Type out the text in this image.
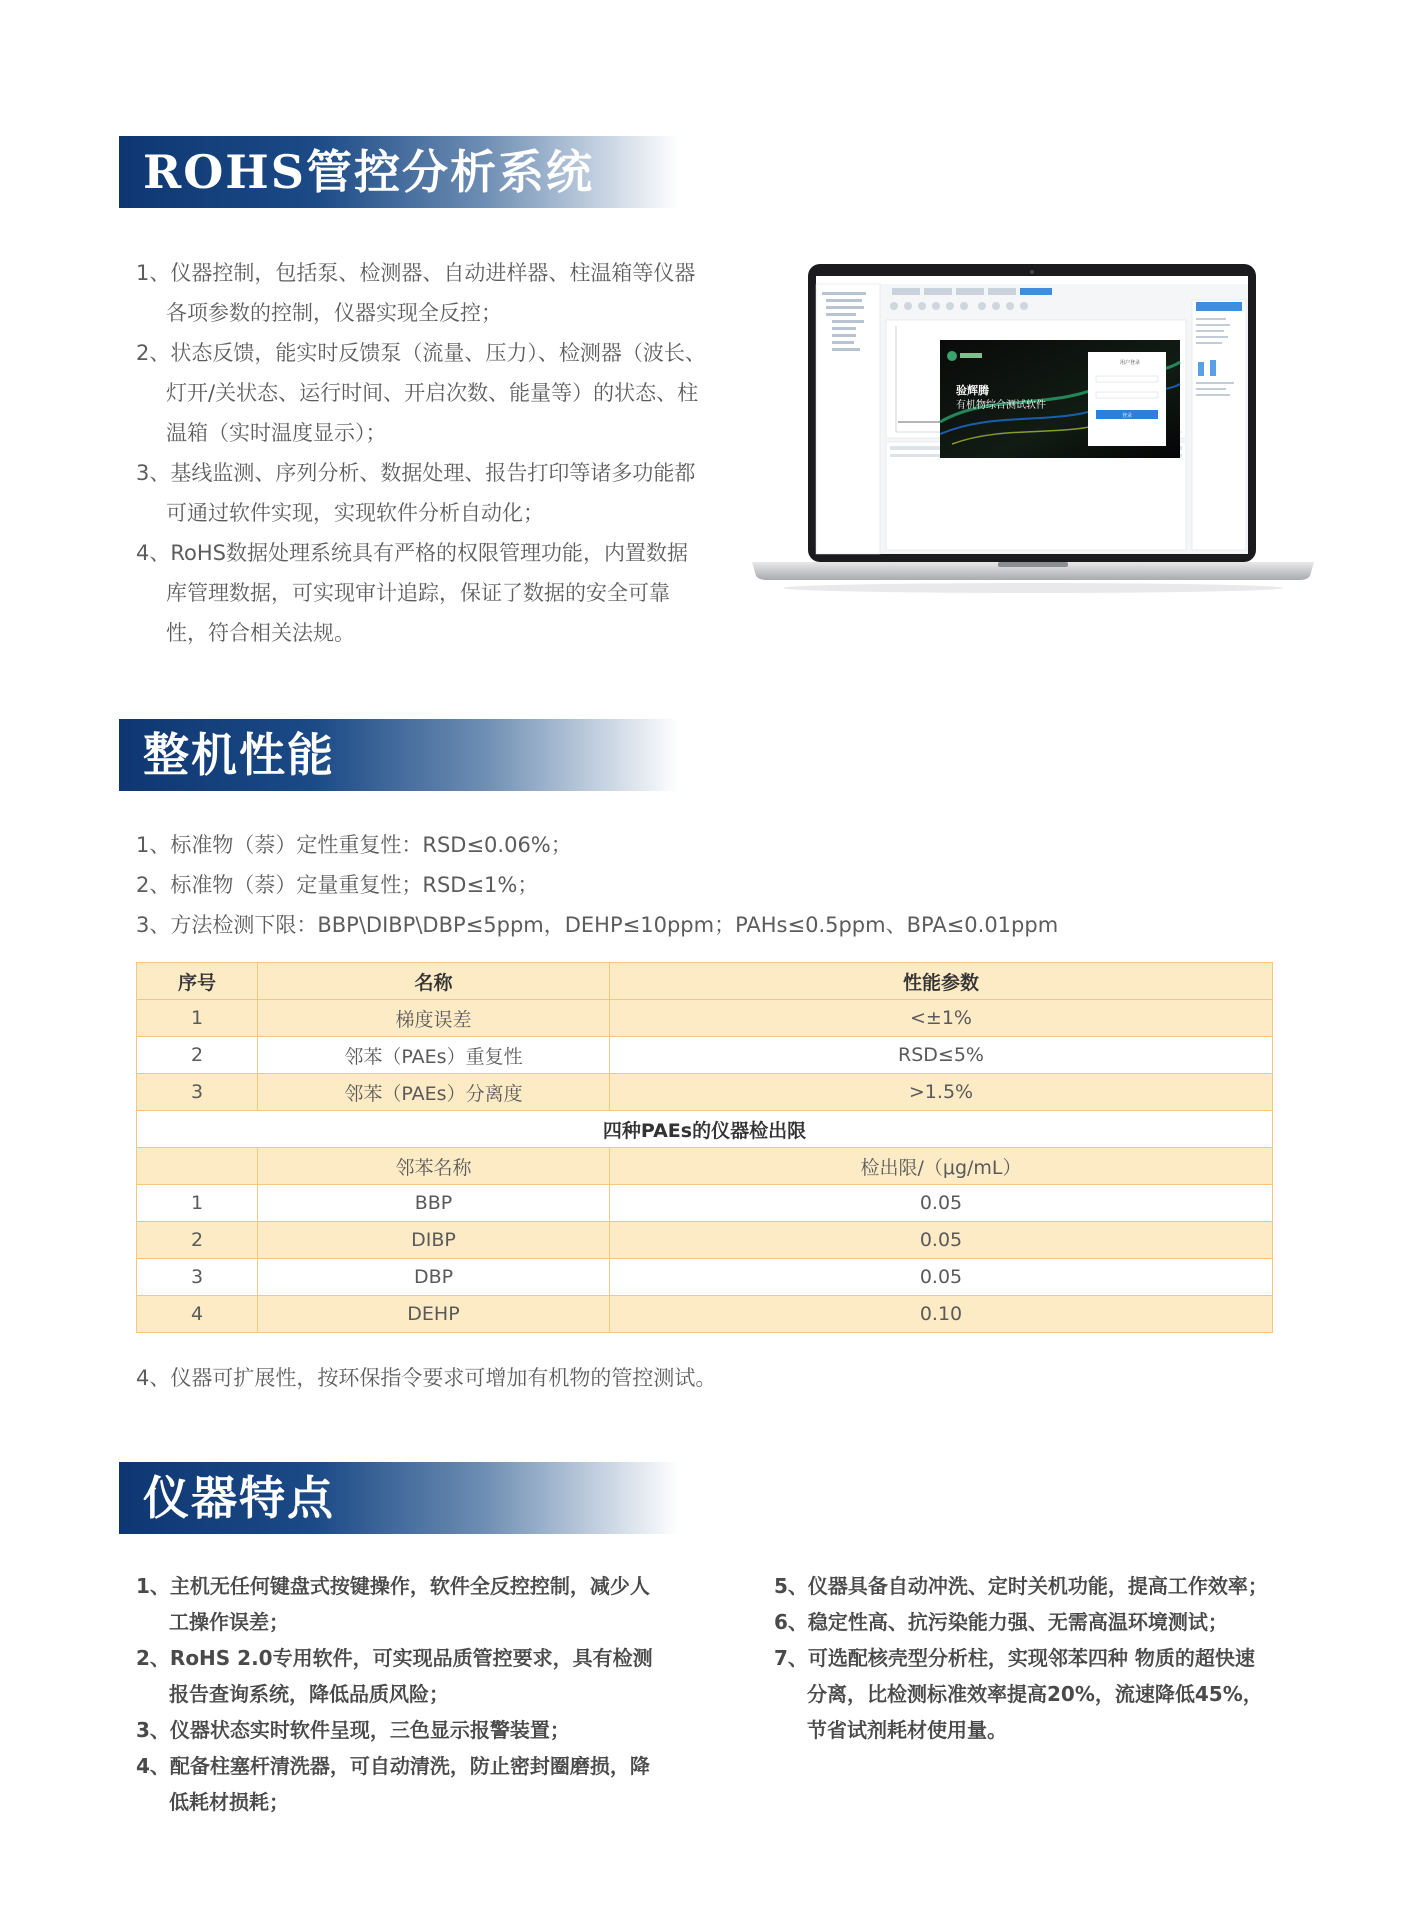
ROHS管控分析系统
1、仪器控制，包括泵、检测器、自动进样器、柱温箱等仪器各项参数的控制，仪器实现全反控；
2、状态反馈，能实时反馈泵（流量、压力）、检测器（波长、灯开/关状态、运行时间、开启次数、能量等）的状态、柱温箱（实时温度显示）；
3、基线监测、序列分析、数据处理、报告打印等诸多功能都可通过软件实现，实现软件分析自动化；
4、RoHS数据处理系统具有严格的权限管理功能，内置数据库管理数据，可实现审计追踪，保证了数据的安全可靠性，符合相关法规。
验辉腾
有机物综合测试软件
用户登录
登录
整机性能
1、标准物（萘）定性重复性：RSD≤0.06%；
2、标准物（萘）定量重复性；RSD≤1%；
3、方法检测下限：BBP\DIBP\DBP≤5ppm，DEHP≤10ppm；PAHs≤0.5ppm、BPA≤0.01ppm
序号	名称	性能参数
1	梯度误差	<±1%
2	邻苯（PAEs）重复性	RSD≤5%
3	邻苯（PAEs）分离度	>1.5%
四种PAEs的仪器检出限		
	邻苯名称	检出限/（μg/mL）
1	BBP	0.05
2	DIBP	0.05
3	DBP	0.05
4	DEHP	0.10
4、仪器可扩展性，按环保指令要求可增加有机物的管控测试。
仪器特点
1、主机无任何键盘式按键操作，软件全反控控制，减少人工操作误差；
2、RoHS 2.0专用软件，可实现品质管控要求，具有检测报告查询系统，降低品质风险；
3、仪器状态实时软件呈现，三色显示报警装置；
4、配备柱塞杆清洗器，可自动清洗，防止密封圈磨损，降低耗材损耗；
5、仪器具备自动冲洗、定时关机功能，提高工作效率；
6、稳定性高、抗污染能力强、无需高温环境测试；
7、可选配核壳型分析柱，实现邻苯四种 物质的超快速分离，比检测标准效率提高20%，流速降低45%，节省试剂耗材使用量。
